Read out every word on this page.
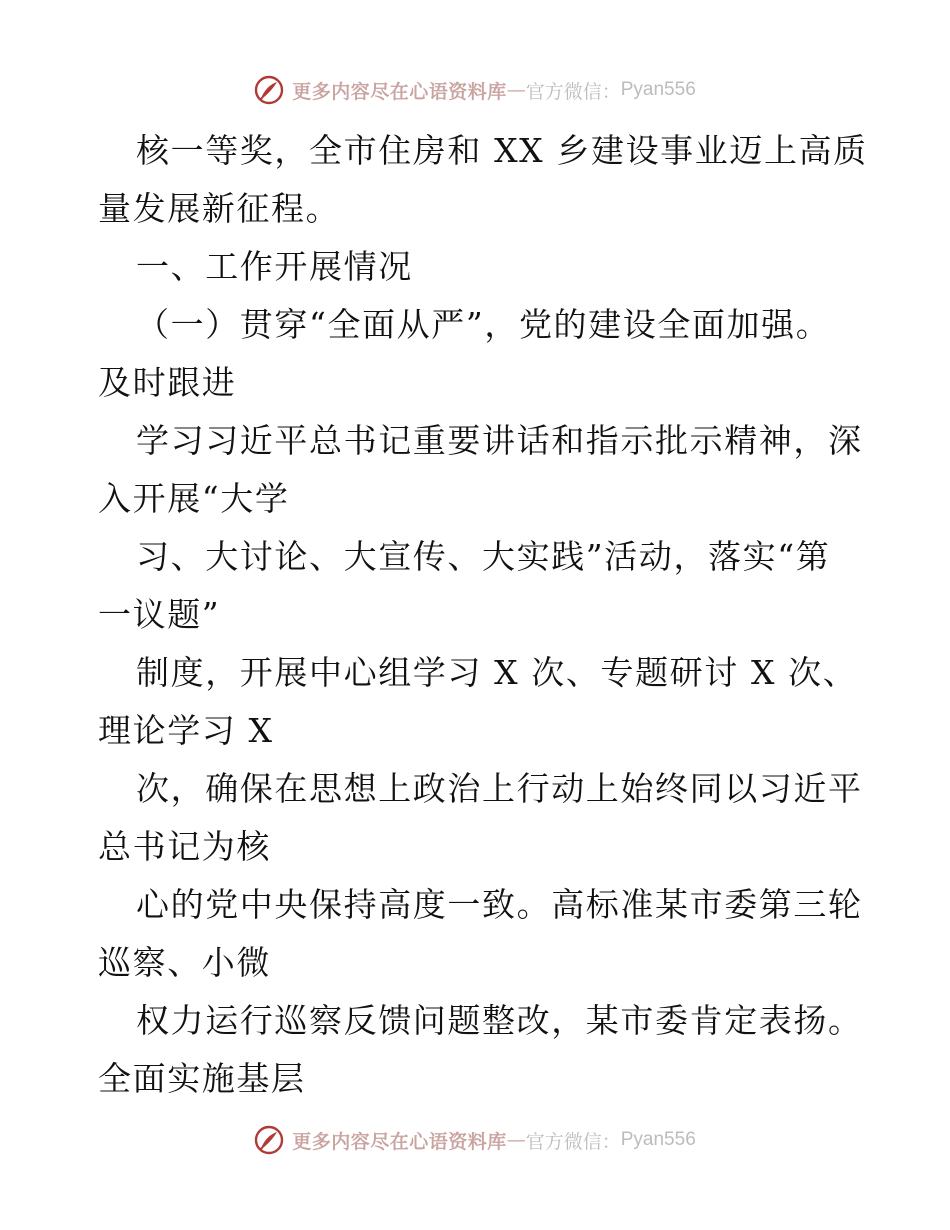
更多内容尽在心语资料库 — 官方微信： Pyan556
核一等奖，全市住房和 XX 乡建设事业迈上高质
量发展新征程。
一、工作开展情况
（一）贯穿“全面从严”，党的建设全面加强。
及时跟进
学习习近平总书记重要讲话和指示批示精神，深
入开展“大学
习、大讨论、大宣传、大实践”活动，落实“第
一议题”
制度，开展中心组学习 X 次、专题研讨 X 次、
理论学习 X
次，确保在思想上政治上行动上始终同以习近平
总书记为核
心的党中央保持高度一致。高标准某市委第三轮
巡察、小微
权力运行巡察反馈问题整改，某市委肯定表扬。
全面实施基层
更多内容尽在心语资料库 — 官方微信： Pyan556
